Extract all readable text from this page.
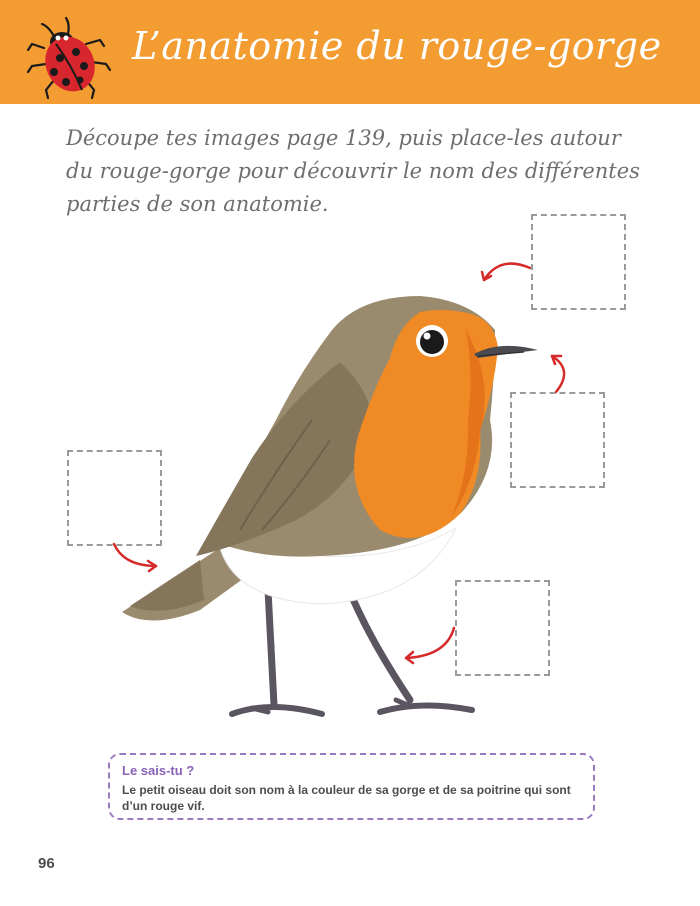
L’anatomie du rouge-gorge
Découpe tes images page 139, puis place-les autour
du rouge-gorge pour découvrir le nom des différentes
parties de son anatomie.
Le sais-tu ?
Le petit oiseau doit son nom à la couleur de sa gorge et de sa poitrine qui sont d’un rouge vif.
96
